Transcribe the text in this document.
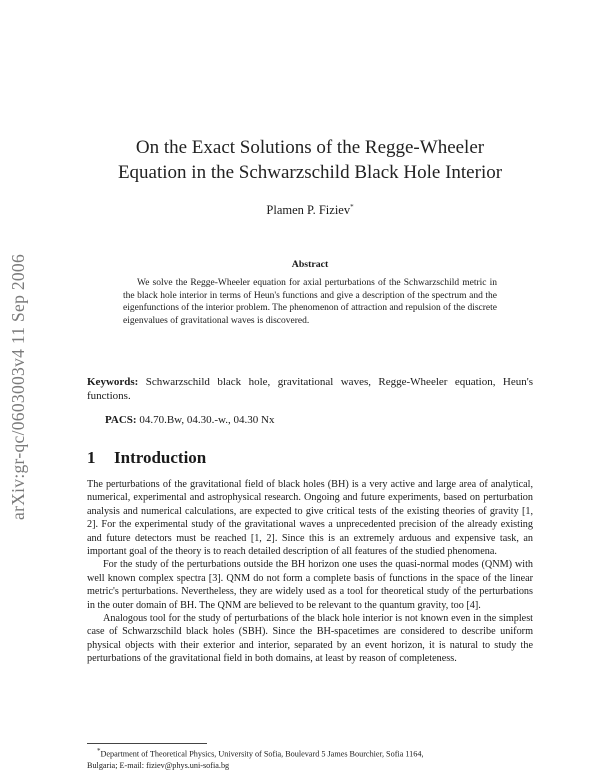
arXiv:gr-qc/0603003v4 11 Sep 2006
On the Exact Solutions of the Regge-Wheeler
Equation in the Schwarzschild Black Hole Interior
Plamen P. Fiziev*
Abstract
We solve the Regge-Wheeler equation for axial perturbations of the Schwarzschild metric in the black hole interior in terms of Heun's functions and give a description of the spectrum and the eigenfunctions of the interior problem. The phenomenon of attraction and repulsion of the discrete eigenvalues of gravitational waves is discovered.
Keywords: Schwarzschild black hole, gravitational waves, Regge-Wheeler equation, Heun's functions.
PACS: 04.70.Bw, 04.30.-w., 04.30 Nx
1 Introduction

The perturbations of the gravitational field of black holes (BH) is a very active and large area of analytical, numerical, experimental and astrophysical research. Ongoing and future experiments, based on perturbation analysis and numerical calculations, are expected to give critical tests of the existing theories of gravity [1, 2]. For the experimental study of the gravitational waves a unprecedented precision of the already existing and future detectors must be reached [1, 2]. Since this is an extremely arduous and expensive task, an important goal of the theory is to reach detailed description of all features of the studied phenomena.

For the study of the perturbations outside the BH horizon one uses the quasi-normal modes (QNM) with well known complex spectra [3]. QNM do not form a complete basis of functions in the space of the linear metric's perturbations. Nevertheless, they are widely used as a tool for theoretical study of the perturbations in the outer domain of BH. The QNM are believed to be relevant to the quantum gravity, too [4].

Analogous tool for the study of perturbations of the black hole interior is not known even in the simplest case of Schwarzschild black holes (SBH). Since the BH-spacetimes are considered to describe uniform physical objects with their exterior and interior, separated by an event horizon, it is natural to study the perturbations of the gravitational field in both domains, at least by reason of completeness.

*Department of Theoretical Physics, University of Sofia, Boulevard 5 James Bourchier, Sofia 1164,
Bulgaria; E-mail: fiziev@phys.uni-sofia.bg
